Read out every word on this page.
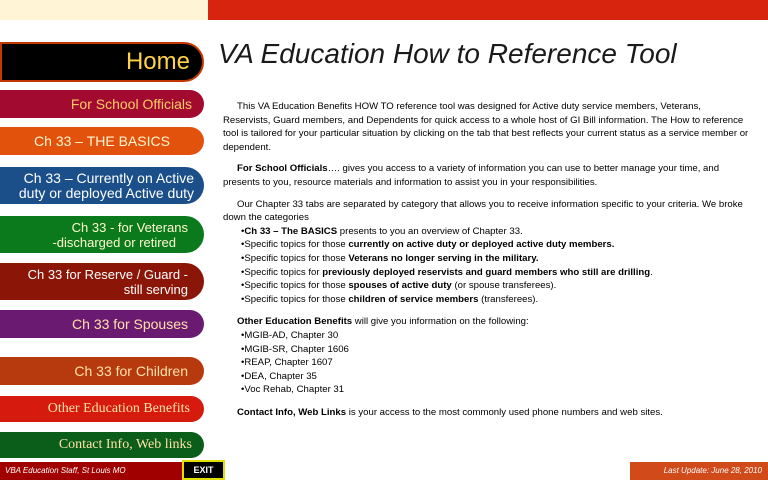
Home
For School Officials
Ch 33 – THE BASICS
Ch 33 – Currently on Active
duty or deployed Active duty
Ch 33 - for Veterans
-discharged or retired
Ch 33 for Reserve / Guard -
still serving
Ch 33 for Spouses
Ch 33 for Children
Other Education Benefits
Contact Info, Web links
VA Education How to Reference Tool

This VA Education Benefits HOW TO reference tool was designed for Active duty service members, Veterans, Reservists, Guard members, and Dependents for quick access to a whole host of GI Bill information. The How to reference tool is tailored for your particular situation by clicking on the tab that best reflects your current status as a service member or dependent.

For School Officials…. gives you access to a variety of information you can use to better manage your time, and presents to you, resource materials and information to assist you in your responsibilities.

Our Chapter 33 tabs are separated by category that allows you to receive information specific to your criteria. We broke down the categories

•Ch 33 – The BASICS presents to you an overview of Chapter 33.
•Specific topics for those currently on active duty or deployed active duty members.
•Specific topics for those Veterans no longer serving in the military.
•Specific topics for previously deployed reservists and guard members who still are drilling.
•Specific topics for those spouses of active duty (or spouse transferees).
•Specific topics for those children of service members (transferees).

Other Education Benefits will give you information on the following:

•MGIB-AD, Chapter 30
•MGIB-SR, Chapter 1606
•REAP, Chapter 1607
•DEA, Chapter 35
•Voc Rehab, Chapter 31

Contact Info, Web Links is your access to the most commonly used phone numbers and web sites.

VBA Education Staff, St Louis MO	EXIT	Last Update: June 28, 2010
